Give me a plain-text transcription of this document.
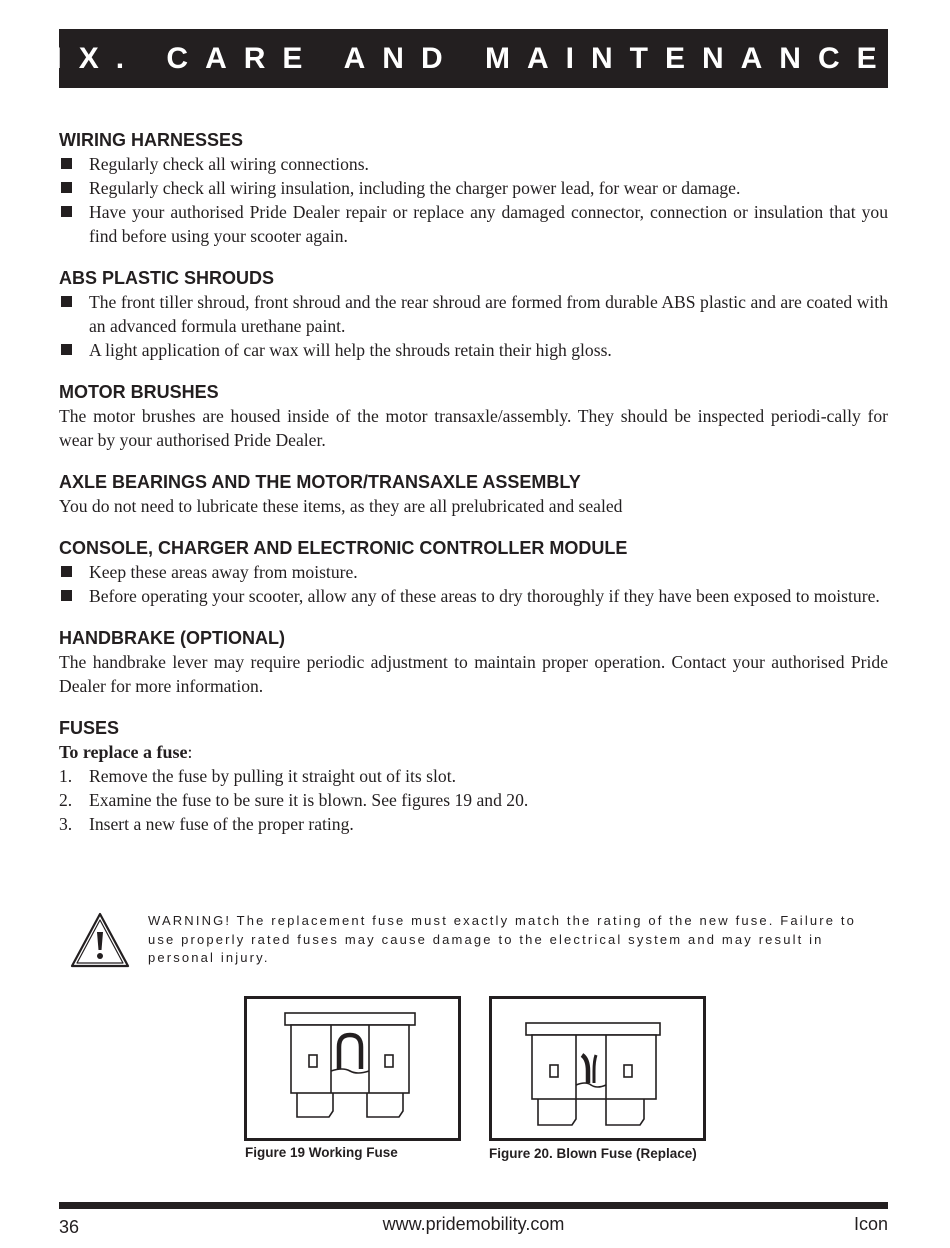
IX. CARE AND MAINTENANCE

WIRING HARNESSES

Regularly check all wiring connections.
Regularly check all wiring insulation, including the charger power lead, for wear or damage.
Have your authorised Pride Dealer repair or replace any damaged connector, connection or insulation that you find before using your scooter again.

ABS PLASTIC SHROUDS

The front tiller shroud, front shroud and the rear shroud are formed from durable ABS plastic and are coated with an advanced formula urethane paint.
A light application of car wax will help the shrouds retain their high gloss.

MOTOR BRUSHES

The motor brushes are housed inside of the motor transaxle/assembly. They should be inspected periodi-cally for wear by your authorised Pride Dealer.

AXLE BEARINGS AND THE MOTOR/TRANSAXLE ASSEMBLY

You do not need to lubricate these items, as they are all prelubricated and sealed

CONSOLE, CHARGER AND ELECTRONIC CONTROLLER MODULE

Keep these areas away from moisture.
Before operating your scooter, allow any of these areas to dry thoroughly if they have been exposed to moisture.

HANDBRAKE (OPTIONAL)

The handbrake lever may require periodic adjustment to maintain proper operation. Contact your authorised Pride Dealer for more information.

FUSES

To replace a fuse:
1. Remove the fuse by pulling it straight out of its slot.
2. Examine the fuse to be sure it is blown. See figures 19 and 20.
3. Insert a new fuse of the proper rating.
WARNING! The replacement fuse must exactly match the rating of the new fuse. Failure to use properly rated fuses may cause damage to the electrical system and may result in personal injury.
Figure 19 Working Fuse	Figure 20. Blown Fuse (Replace)
36	www.pridemobility.com	Icon
